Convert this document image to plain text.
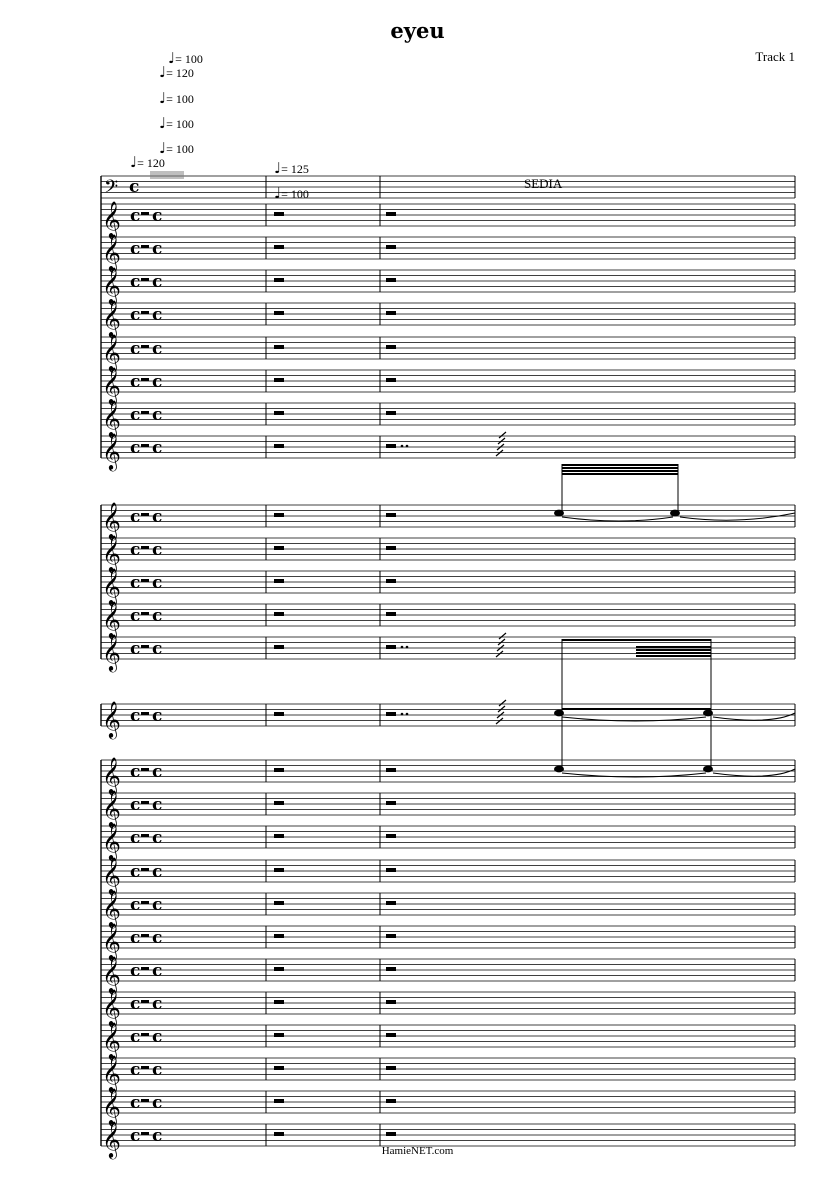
eyeu
Track 1
SEDIA
♩= 100
♩= 120
♩= 100
♩= 100
♩= 100
♩= 120	♩= 125
♩= 100
𝄢 c
𝄞 c c
𝄞 c c
𝄞 c c
𝄞 c c
𝄞 c c
𝄞 c c
𝄞 c c
𝄞 c c
𝄞 c c
𝄞 c c
𝄞 c c
𝄞 c c
𝄞 c c
𝄞 c c
𝄞 c c
𝄞 c c
𝄞 c c
𝄞 c c
𝄞 c c
𝄞 c c
𝄞 c c
𝄞 c c
𝄞 c c
𝄞 c c
𝄞 c c
𝄞 c c
HamieNET.com
